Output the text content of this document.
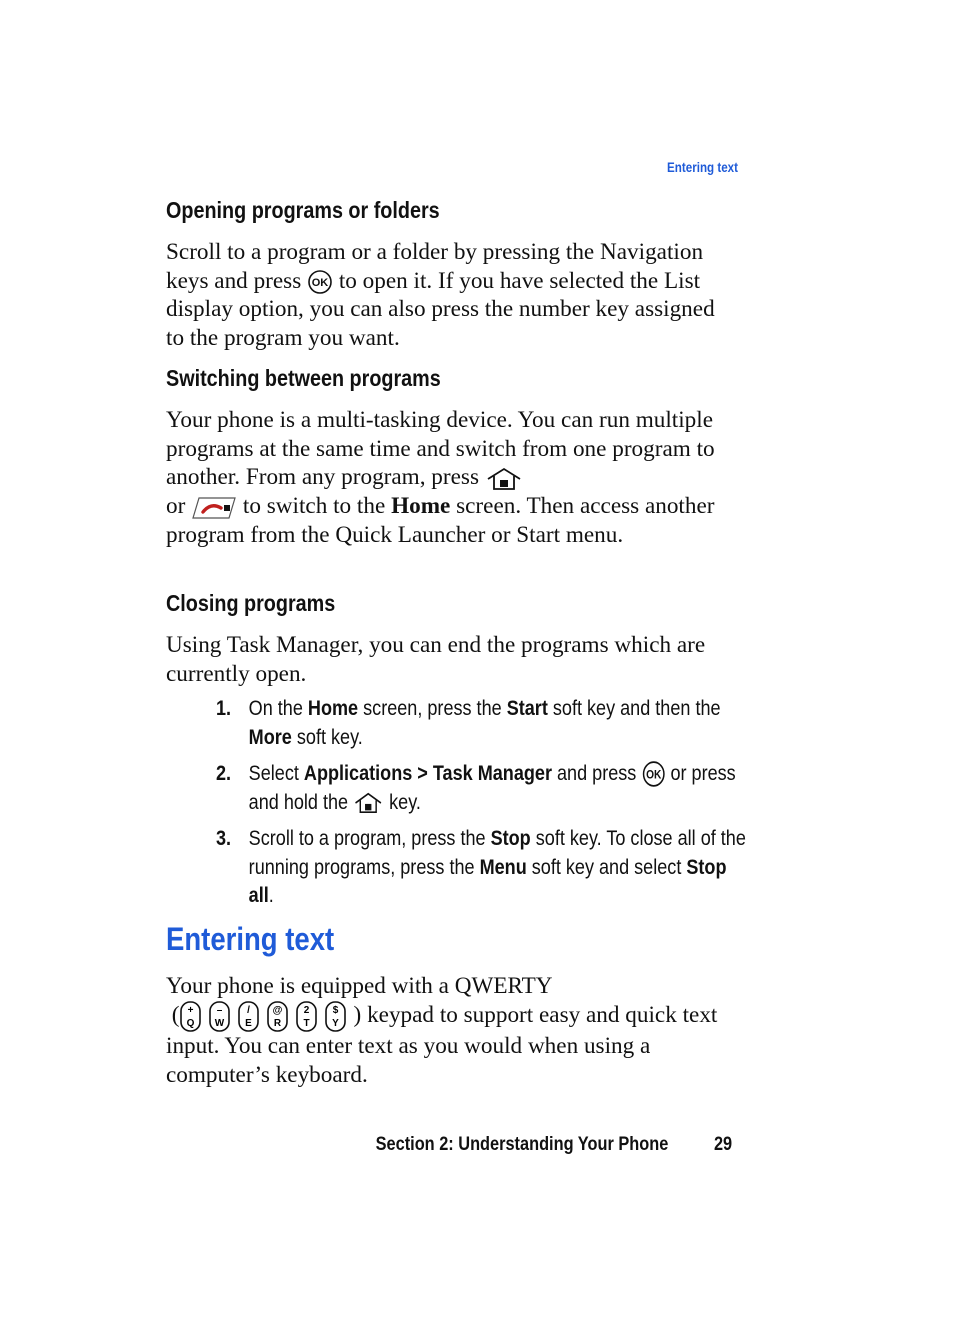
Entering text
Opening programs or folders

Scroll to a program or a folder by pressing the Navigation keys and press OK to open it. If you have selected the List display option, you can also press the number key assigned to the program you want.

Switching between programs

Your phone is a multi-tasking device. You can run multiple programs at the same time and switch from one program to another. From any program, press

or to switch to the Home screen. Then access another program from the Quick Launcher or Start menu.

Closing programs

Using Task Manager, you can end the programs which are currently open.

1. On the Home screen, press the Start soft key and then the More soft key.
2. Select Applications > Task Manager and press OK or press and hold the key.
3. Scroll to a program, press the Stop soft key. To close all of the running programs, press the Menu soft key and select Stop all.
Entering text

Your phone is equipped with a QWERTY
( +
Q
–
W
/
E
@
R
2
T
$
Y ) keypad to support easy and quick text input. You can enter text as you would when using a computer’s keyboard.

Section 2: Understanding Your Phone 29
